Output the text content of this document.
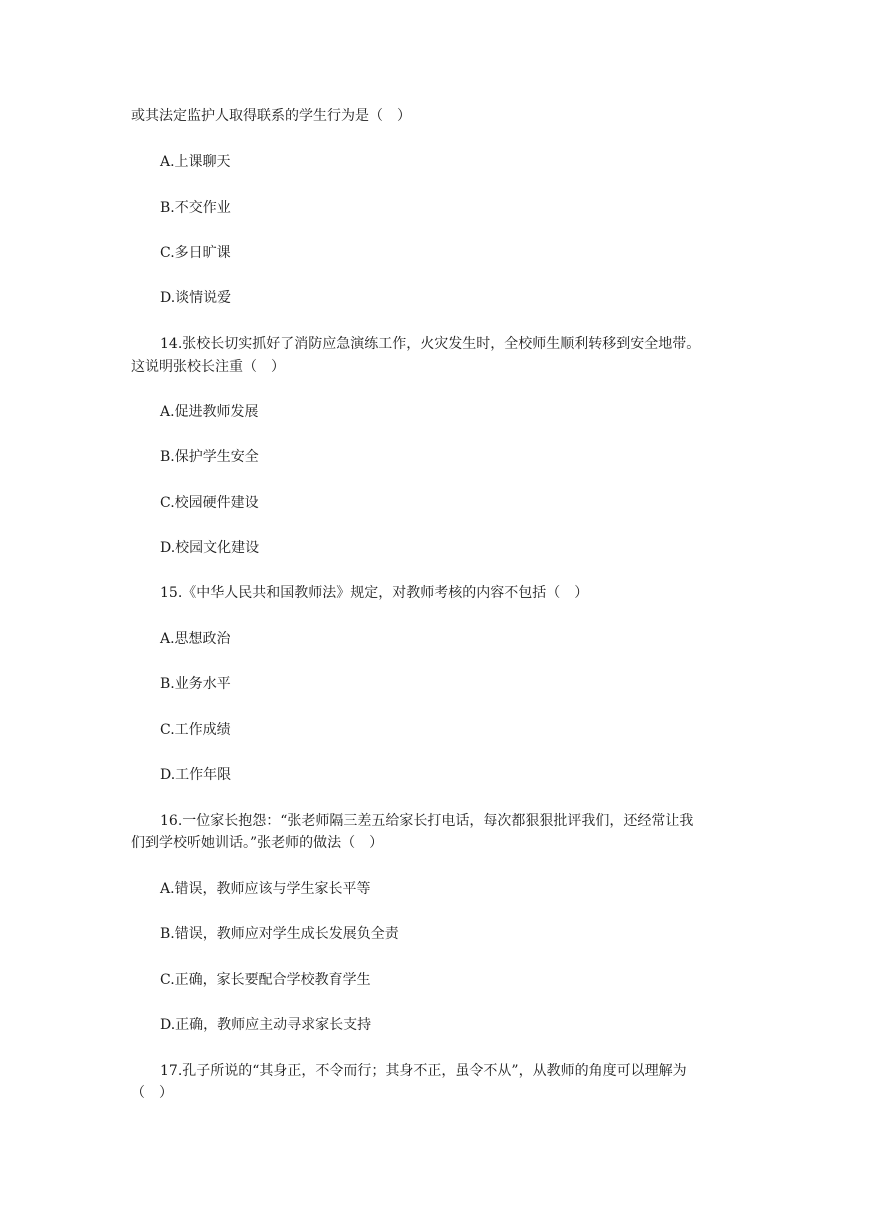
或其法定监护人取得联系的学生行为是（　）
A.上课聊天
B.不交作业
C.多日旷课
D.谈情说爱
14.张校长切实抓好了消防应急演练工作，火灾发生时，全校师生顺利转移到安全地带。
这说明张校长注重（　）
A.促进教师发展
B.保护学生安全
C.校园硬件建设
D.校园文化建设
15.《中华人民共和国教师法》规定，对教师考核的内容不包括（　）
A.思想政治
B.业务水平
C.工作成绩
D.工作年限
16.一位家长抱怨：“张老师隔三差五给家长打电话，每次都狠狠批评我们，还经常让我
们到学校听她训话。”张老师的做法（　）
A.错误，教师应该与学生家长平等
B.错误，教师应对学生成长发展负全责
C.正确，家长要配合学校教育学生
D.正确，教师应主动寻求家长支持
17.孔子所说的“其身正，不令而行；其身不正，虽令不从”，从教师的角度可以理解为
（　）
